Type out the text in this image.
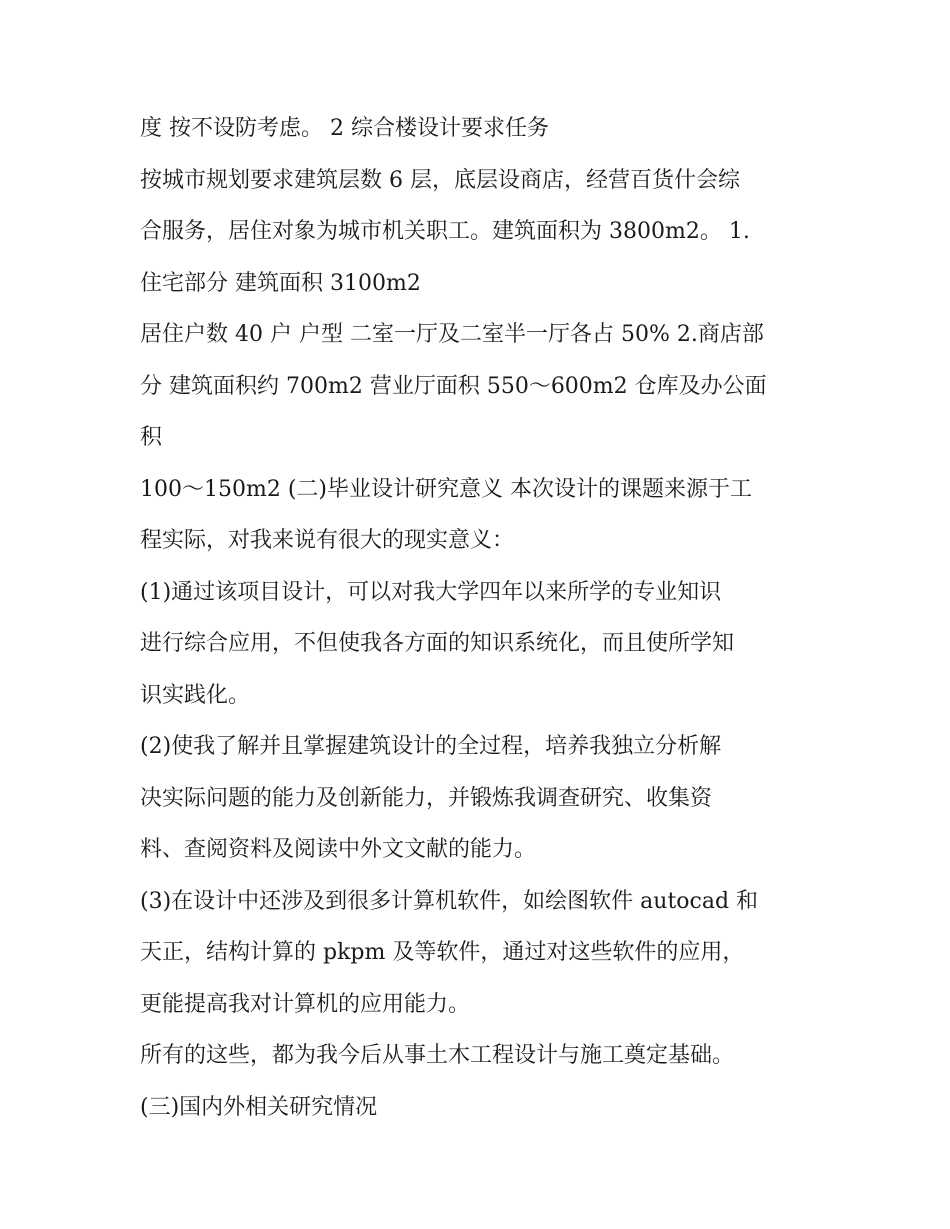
度 按不设防考虑。 2 综合楼设计要求任务
按城市规划要求建筑层数 6 层，底层设商店，经营百货什会综
合服务，居住对象为城市机关职工。建筑面积为 3800m2。 1.
住宅部分 建筑面积 3100m2
居住户数 40 户 户型 二室一厅及二室半一厅各占 50% 2.商店部
分 建筑面积约 700m2 营业厅面积 550～600m2 仓库及办公面
积
100～150m2 (二)毕业设计研究意义 本次设计的课题来源于工
程实际，对我来说有很大的现实意义：
(1)通过该项目设计，可以对我大学四年以来所学的专业知识
进行综合应用，不但使我各方面的知识系统化，而且使所学知
识实践化。
(2)使我了解并且掌握建筑设计的全过程，培养我独立分析解
决实际问题的能力及创新能力，并锻炼我调查研究、收集资
料、查阅资料及阅读中外文文献的能力。
(3)在设计中还涉及到很多计算机软件，如绘图软件 autocad 和
天正，结构计算的 pkpm 及等软件，通过对这些软件的应用，
更能提高我对计算机的应用能力。
所有的这些，都为我今后从事土木工程设计与施工奠定基础。
(三)国内外相关研究情况
